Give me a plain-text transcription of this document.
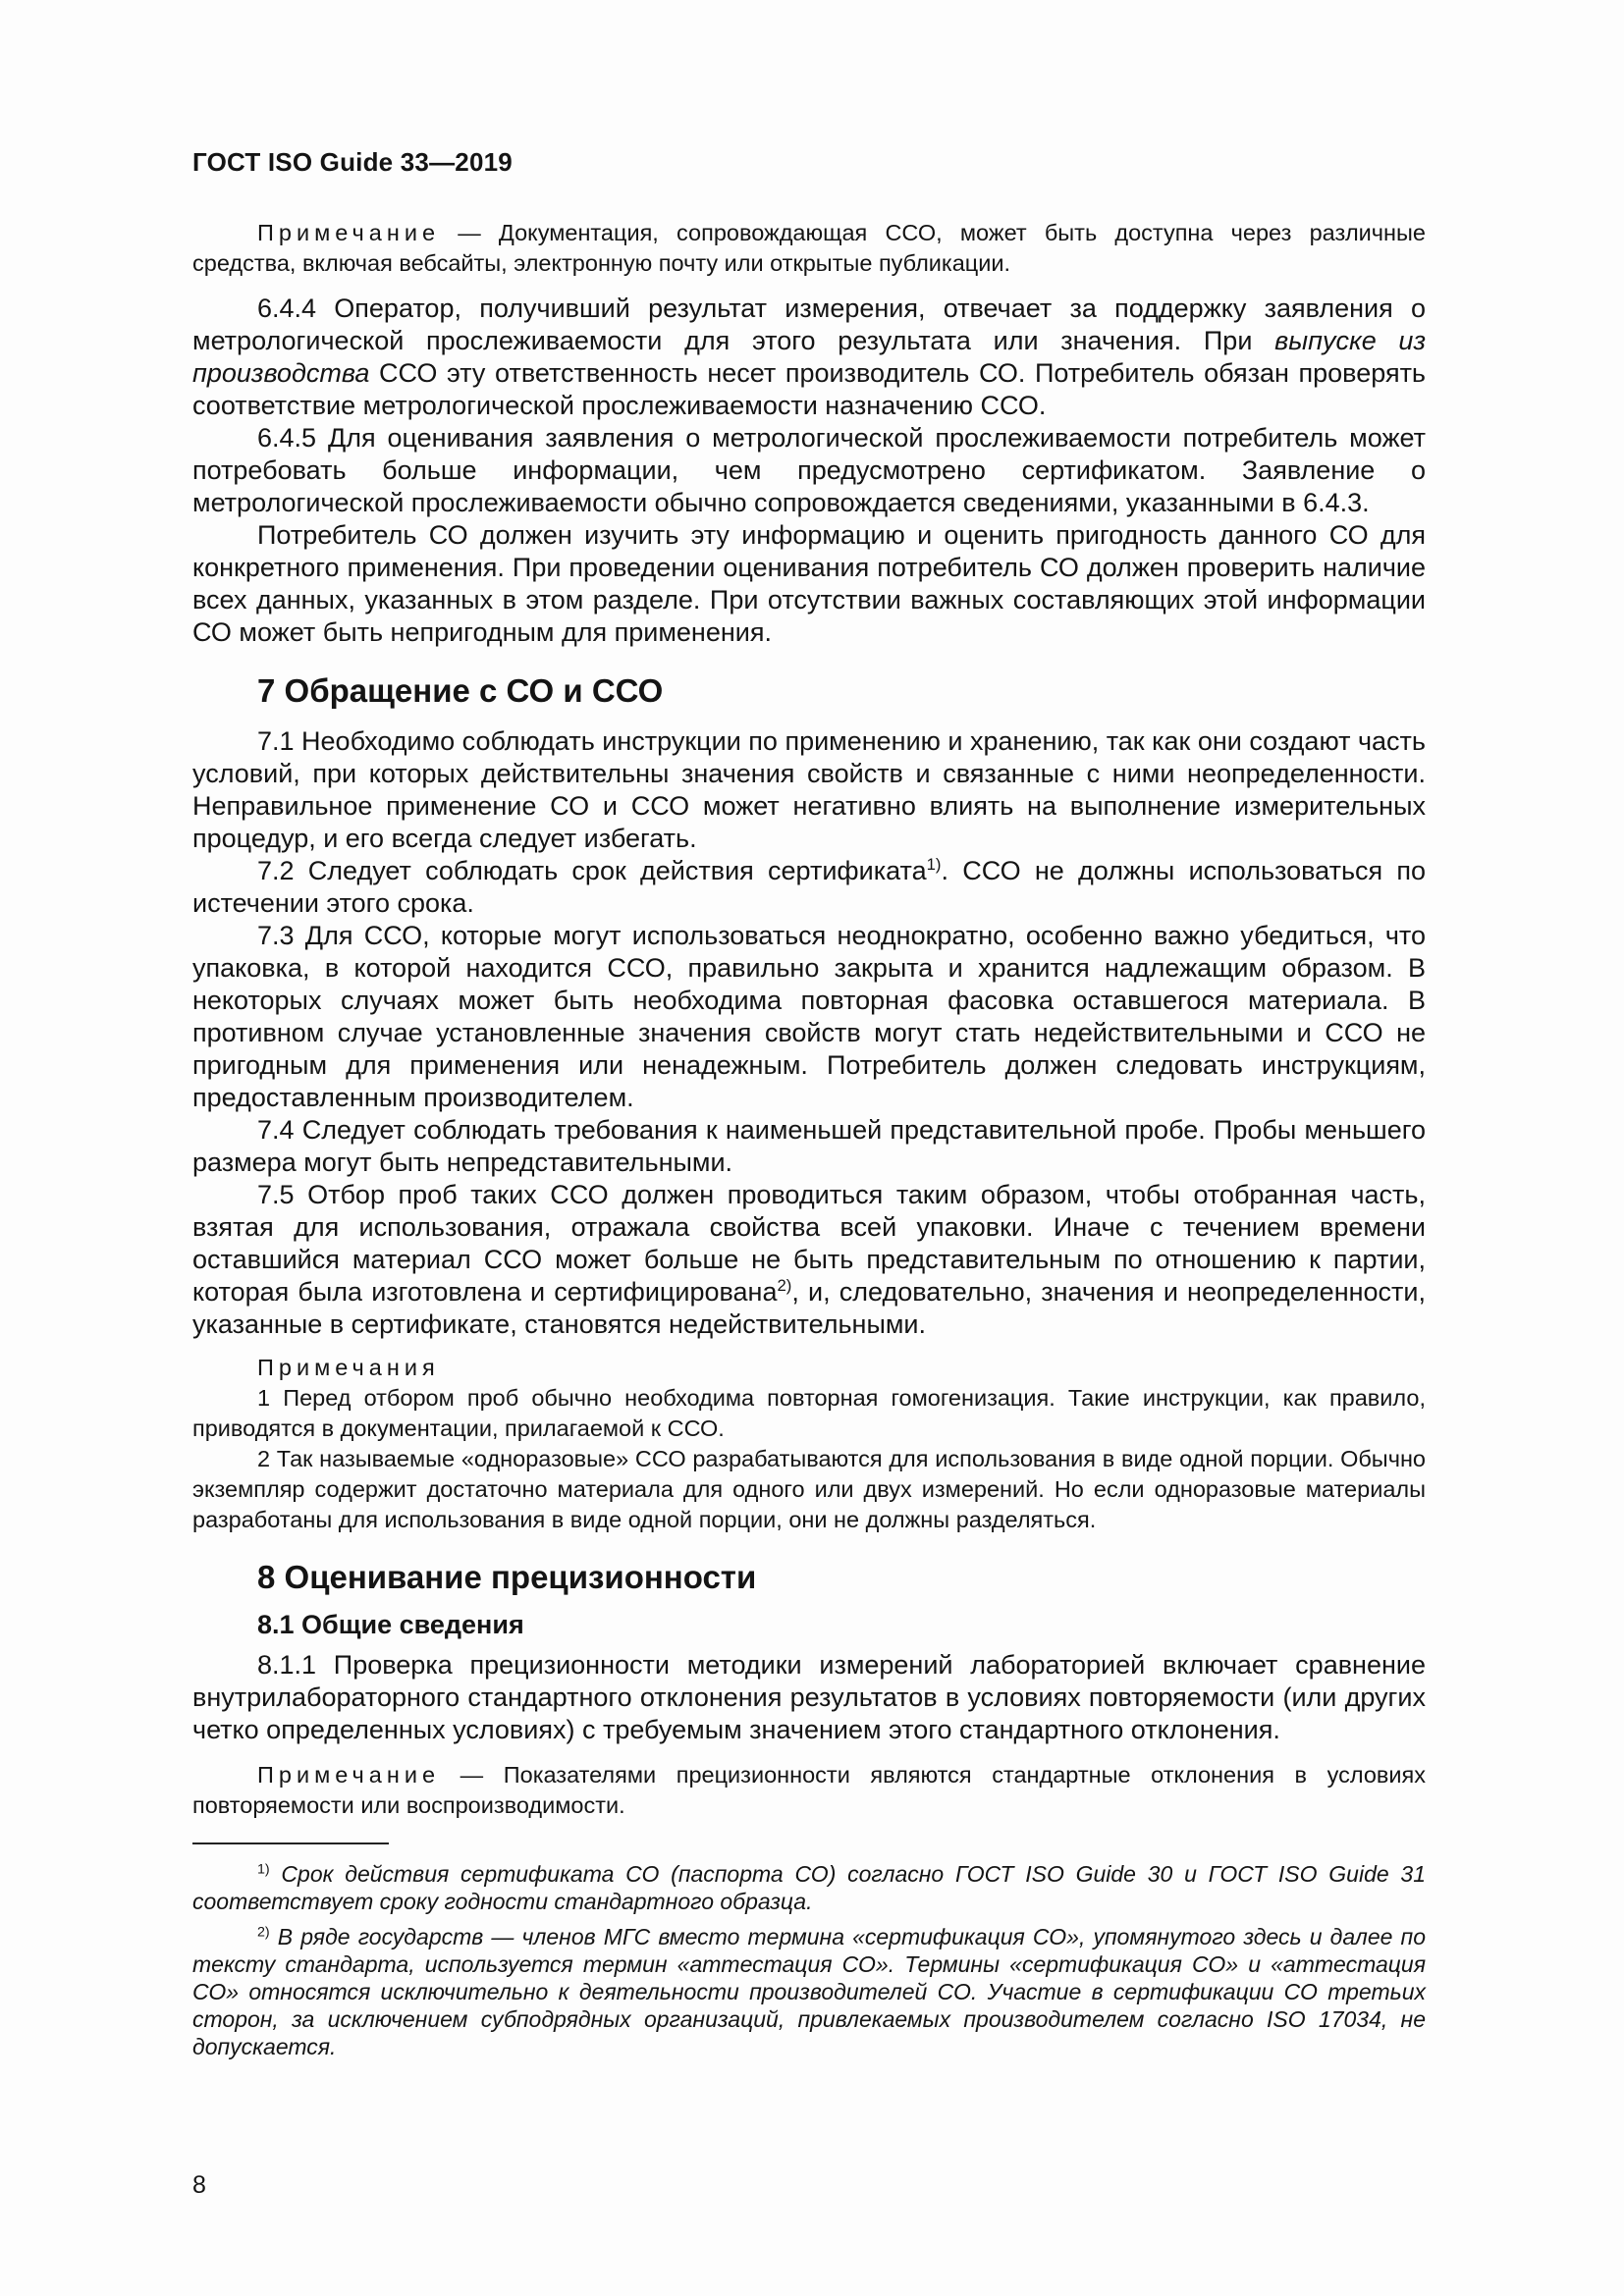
ГОСТ ISO Guide 33—2019

Примечание — Документация, сопровождающая ССО, может быть доступна через различные средства, включая вебсайты, электронную почту или открытые публикации.

6.4.4 Оператор, получивший результат измерения, отвечает за поддержку заявления о метрологической прослеживаемости для этого результата или значения. При выпуске из производства ССО эту ответственность несет производитель СО. Потребитель обязан проверять соответствие метрологической прослеживаемости назначению ССО.

6.4.5 Для оценивания заявления о метрологической прослеживаемости потребитель может потребовать больше информации, чем предусмотрено сертификатом. Заявление о метрологической прослеживаемости обычно сопровождается сведениями, указанными в 6.4.3.

Потребитель СО должен изучить эту информацию и оценить пригодность данного СО для конкретного применения. При проведении оценивания потребитель СО должен проверить наличие всех данных, указанных в этом разделе. При отсутствии важных составляющих этой информации СО может быть непригодным для применения.

7 Обращение с СО и ССО

7.1 Необходимо соблюдать инструкции по применению и хранению, так как они создают часть условий, при которых действительны значения свойств и связанные с ними неопределенности. Неправильное применение СО и ССО может негативно влиять на выполнение измерительных процедур, и его всегда следует избегать.

7.2 Следует соблюдать срок действия сертификата$^{1)}$. ССО не должны использоваться по истечении этого срока.

7.3 Для ССО, которые могут использоваться неоднократно, особенно важно убедиться, что упаковка, в которой находится ССО, правильно закрыта и хранится надлежащим образом. В некоторых случаях может быть необходима повторная фасовка оставшегося материала. В противном случае установленные значения свойств могут стать недействительными и ССО не пригодным для применения или ненадежным. Потребитель должен следовать инструкциям, предоставленным производителем.

7.4 Следует соблюдать требования к наименьшей представительной пробе. Пробы меньшего размера могут быть непредставительными.

7.5 Отбор проб таких ССО должен проводиться таким образом, чтобы отобранная часть, взятая для использования, отражала свойства всей упаковки. Иначе с течением времени оставшийся материал ССО может больше не быть представительным по отношению к партии, которая была изготовлена и сертифицирована$^{2)}$, и, следовательно, значения и неопределенности, указанные в сертификате, становятся недействительными.

Примечания

1 Перед отбором проб обычно необходима повторная гомогенизация. Такие инструкции, как правило, приводятся в документации, прилагаемой к ССО.

2 Так называемые «одноразовые» ССО разрабатываются для использования в виде одной порции. Обычно экземпляр содержит достаточно материала для одного или двух измерений. Но если одноразовые материалы разработаны для использования в виде одной порции, они не должны разделяться.

8 Оценивание прецизионности
8.1 Общие сведения

8.1.1 Проверка прецизионности методики измерений лабораторией включает сравнение внутрилабораторного стандартного отклонения результатов в условиях повторяемости (или других четко определенных условиях) с требуемым значением этого стандартного отклонения.

Примечание — Показателями прецизионности являются стандартные отклонения в условиях повторяемости или воспроизводимости.

$^{1)}$ Срок действия сертификата СО (паспорта СО) согласно ГОСТ ISO Guide 30 и ГОСТ ISO Guide 31 соответствует сроку годности стандартного образца.

$^{2)}$ В ряде государств — членов МГС вместо термина «сертификация СО», упомянутого здесь и далее по тексту стандарта, используется термин «аттестация СО». Термины «сертификация СО» и «аттестация СО» относятся исключительно к деятельности производителей СО. Участие в сертификации СО третьих сторон, за исключением субподрядных организаций, привлекаемых производителем согласно ISO 17034, не допускается.

8
